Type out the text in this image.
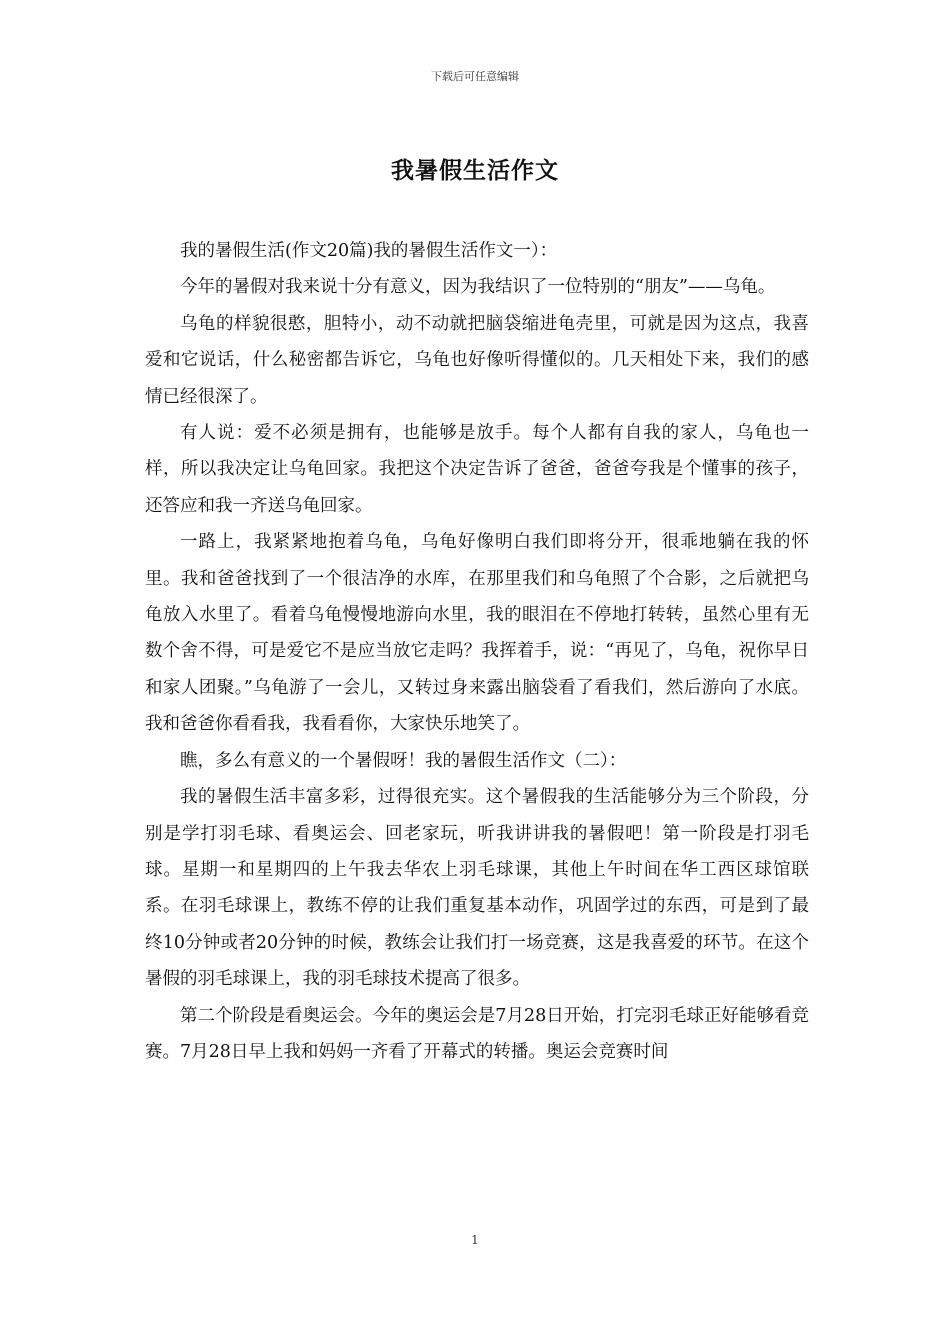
下载后可任意编辑
我暑假生活作文

我的暑假生活(作文20篇)我的暑假生活作文一）：

今年的暑假对我来说十分有意义，因为我结识了一位特别的“朋友”——乌龟。

乌龟的样貌很憨，胆特小，动不动就把脑袋缩进龟壳里，可就是因为这点，我喜爱和它说话，什么秘密都告诉它，乌龟也好像听得懂似的。几天相处下来，我们的感情已经很深了。

有人说：爱不必须是拥有，也能够是放手。每个人都有自我的家人，乌龟也一样，所以我决定让乌龟回家。我把这个决定告诉了爸爸，爸爸夸我是个懂事的孩子，还答应和我一齐送乌龟回家。

一路上，我紧紧地抱着乌龟，乌龟好像明白我们即将分开，很乖地躺在我的怀里。我和爸爸找到了一个很洁净的水库，在那里我们和乌龟照了个合影，之后就把乌龟放入水里了。看着乌龟慢慢地游向水里，我的眼泪在不停地打转转，虽然心里有无数个舍不得，可是爱它不是应当放它走吗？我挥着手，说：“再见了，乌龟，祝你早日和家人团聚。”乌龟游了一会儿，又转过身来露出脑袋看了看我们，然后游向了水底。我和爸爸你看看我，我看看你，大家快乐地笑了。

瞧，多么有意义的一个暑假呀！我的暑假生活作文（二）：

我的暑假生活丰富多彩，过得很充实。这个暑假我的生活能够分为三个阶段，分别是学打羽毛球、看奥运会、回老家玩，听我讲讲我的暑假吧！第一阶段是打羽毛球。星期一和星期四的上午我去华农上羽毛球课，其他上午时间在华工西区球馆联系。在羽毛球课上，教练不停的让我们重复基本动作，巩固学过的东西，可是到了最终10分钟或者20分钟的时候，教练会让我们打一场竞赛，这是我喜爱的环节。在这个暑假的羽毛球课上，我的羽毛球技术提高了很多。

第二个阶段是看奥运会。今年的奥运会是7月28日开始，打完羽毛球正好能够看竞赛。7月28日早上我和妈妈一齐看了开幕式的转播。奥运会竞赛时间

1
